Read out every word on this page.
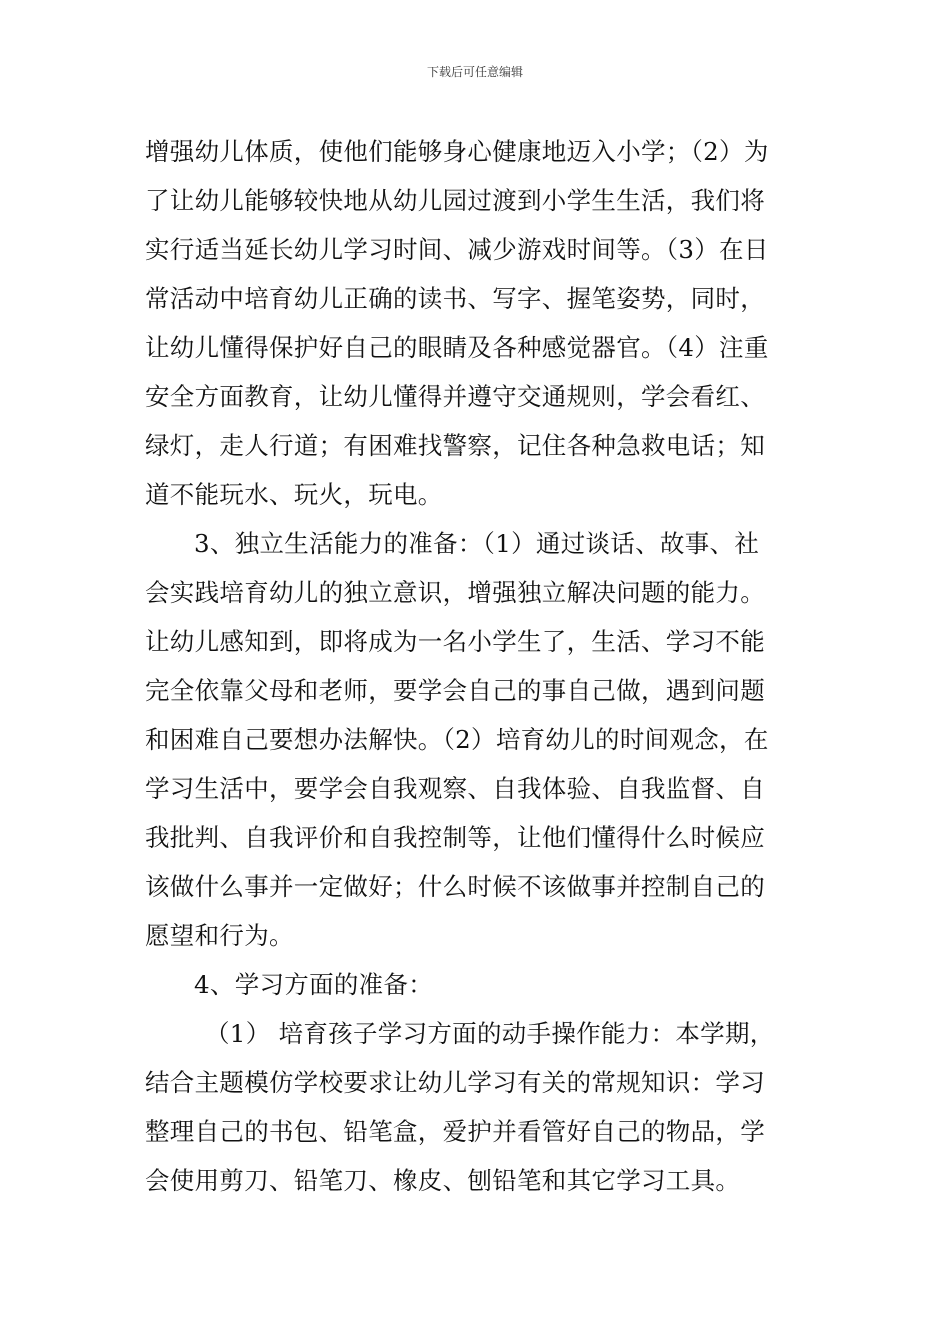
下载后可任意编辑
增强幼儿体质，使他们能够身心健康地迈入小学；（2）为
了让幼儿能够较快地从幼儿园过渡到小学生生活，我们将
实行适当延长幼儿学习时间、减少游戏时间等。（3）在日
常活动中培育幼儿正确的读书、写字、握笔姿势，同时，
让幼儿懂得保护好自己的眼睛及各种感觉器官。（4）注重
安全方面教育，让幼儿懂得并遵守交通规则，学会看红、
绿灯，走人行道；有困难找警察，记住各种急救电话；知
道不能玩水、玩火，玩电。
3、独立生活能力的准备：（1）通过谈话、故事、社
会实践培育幼儿的独立意识，增强独立解决问题的能力。
让幼儿感知到，即将成为一名小学生了，生活、学习不能
完全依靠父母和老师，要学会自己的事自己做，遇到问题
和困难自己要想办法解快。（2）培育幼儿的时间观念，在
学习生活中，要学会自我观察、自我体验、自我监督、自
我批判、自我评价和自我控制等，让他们懂得什么时候应
该做什么事并一定做好；什么时候不该做事并控制自己的
愿望和行为。
4、学习方面的准备：
（1） 培育孩子学习方面的动手操作能力：本学期，
结合主题模仿学校要求让幼儿学习有关的常规知识：学习
整理自己的书包、铅笔盒，爱护并看管好自己的物品，学
会使用剪刀、铅笔刀、橡皮、刨铅笔和其它学习工具。
